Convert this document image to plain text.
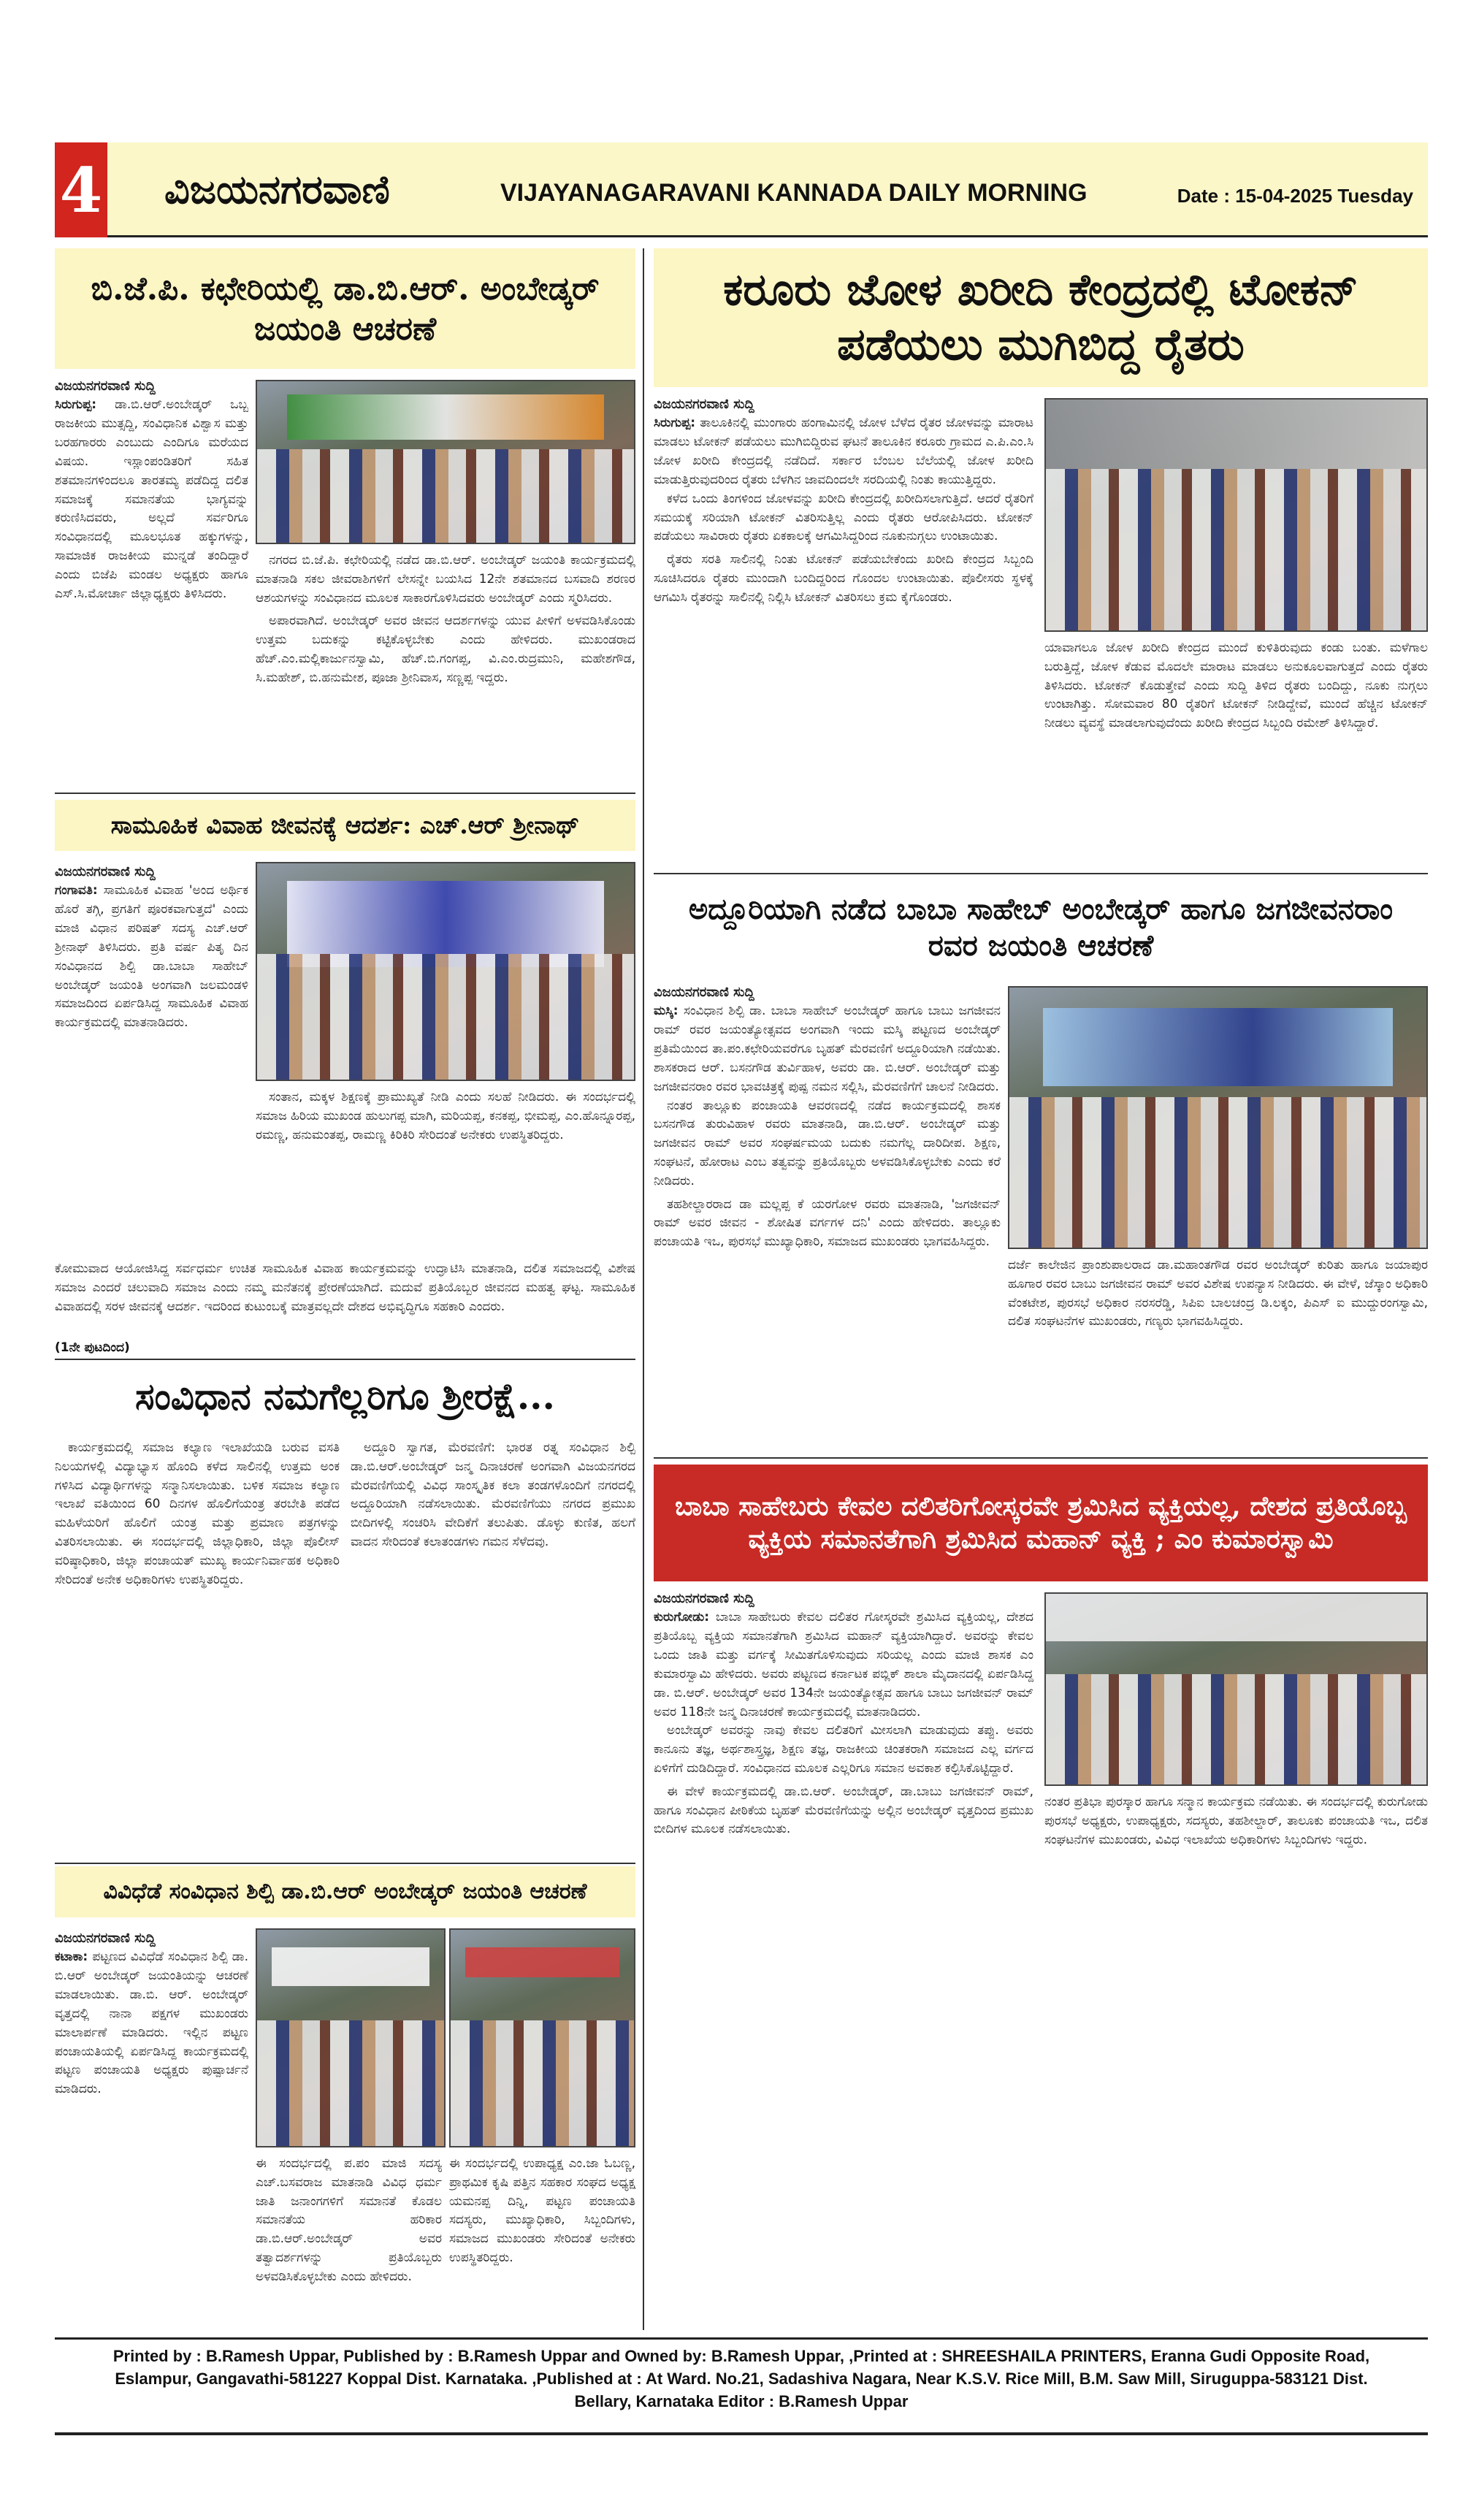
4 ವಿಜಯನಗರವಾಣಿ	VIJAYANAGARAVANI KANNADA DAILY MORNING	Date : 15-04-2025 Tuesday
ಬಿ.ಜೆ.ಪಿ. ಕಛೇರಿಯಲ್ಲಿ ಡಾ.ಬಿ.ಆರ್. ಅಂಬೇಡ್ಕರ್ ಜಯಂತಿ ಆಚರಣೆ
ವಿಜಯನಗರವಾಣಿ ಸುದ್ದಿ
ಸಿರುಗುಪ್ಪ: ಡಾ.ಬಿ.ಆರ್.ಅಂಬೇಡ್ಕರ್ ಒಬ್ಬ ರಾಜಕೀಯ ಮುತ್ಸದ್ದಿ, ಸಂವಿಧಾನಿಕ ವಿಶ್ವಾಸ ಮತ್ತು ಬರಹಗಾರರು ಎಂಬುದು ಎಂದಿಗೂ ಮರೆಯದ ವಿಷಯ. ಇಸ್ಲಾಂಪಂಡಿತರಿಗೆ ಸಹಿತ ಶತಮಾನಗಳಿಂದಲೂ ತಾರತಮ್ಯ ಪಡೆದಿದ್ದ ದಲಿತ ಸಮಾಜಕ್ಕೆ ಸಮಾನತೆಯ ಭಾಗ್ಯವನ್ನು ಕರುಣಿಸಿದವರು, ಅಲ್ಲದೆ ಸರ್ವರಿಗೂ ಸಂವಿಧಾನದಲ್ಲಿ ಮೂಲಭೂತ ಹಕ್ಕುಗಳನ್ನು, ಸಾಮಾಜಿಕ ರಾಜಕೀಯ ಮುನ್ನಡೆ ತಂದಿದ್ದಾರೆ ಎಂದು ಬಿಜೆಪಿ ಮಂಡಲ ಅಧ್ಯಕ್ಷರು ಹಾಗೂ ಎಸ್.ಸಿ.ಮೋರ್ಚಾ ಜಿಲ್ಲಾಧ್ಯಕ್ಷರು ತಿಳಿಸಿದರು.

ನಗರದ ಬಿ.ಜೆ.ಪಿ. ಕಛೇರಿಯಲ್ಲಿ ನಡೆದ ಡಾ.ಬಿ.ಆರ್. ಅಂಬೇಡ್ಕರ್ ಜಯಂತಿ ಕಾರ್ಯಕ್ರಮದಲ್ಲಿ ಮಾತನಾಡಿ ಸಕಲ ಜೀವರಾಶಿಗಳಿಗೆ ಲೇಸನ್ನೇ ಬಯಸಿದ 12ನೇ ಶತಮಾನದ ಬಸವಾದಿ ಶರಣರ ಆಶಯಗಳನ್ನು ಸಂವಿಧಾನದ ಮೂಲಕ ಸಾಕಾರಗೊಳಿಸಿದವರು ಅಂಬೇಡ್ಕರ್ ಎಂದು ಸ್ಮರಿಸಿದರು.

ಅಪಾರವಾಗಿದೆ. ಅಂಬೇಡ್ಕರ್ ಅವರ ಜೀವನ ಆದರ್ಶಗಳನ್ನು ಯುವ ಪೀಳಿಗೆ ಅಳವಡಿಸಿಕೊಂಡು ಉತ್ತಮ ಬದುಕನ್ನು ಕಟ್ಟಿಕೊಳ್ಳಬೇಕು ಎಂದು ಹೇಳಿದರು. ಮುಖಂಡರಾದ ಹೆಚ್.ಎಂ.ಮಲ್ಲಿಕಾರ್ಜುನಸ್ವಾಮಿ, ಹೆಚ್.ಬಿ.ಗಂಗಪ್ಪ, ವಿ.ಎಂ.ರುದ್ರಮುನಿ, ಮಹೇಶಗೌಡ, ಸಿ.ಮಹೇಶ್, ಬಿ.ಹನುಮೇಶ, ಪೂಜಾ ಶ್ರೀನಿವಾಸ, ಸಣ್ಣಪ್ಪ ಇದ್ದರು.

ಸಾಮೂಹಿಕ ವಿವಾಹ ಜೀವನಕ್ಕೆ ಆದರ್ಶ: ಎಚ್.ಆರ್ ಶ್ರೀನಾಥ್
ವಿಜಯನಗರವಾಣಿ ಸುದ್ದಿ
ಗಂಗಾವತಿ: ಸಾಮೂಹಿಕ ವಿವಾಹ 'ಅಂದ ಅರ್ಥಿಕ ಹೊರೆ ತಗ್ಗಿ, ಪ್ರಗತಿಗೆ ಪೂರಕವಾಗುತ್ತದೆ' ಎಂದು ಮಾಜಿ ವಿಧಾನ ಪರಿಷತ್ ಸದಸ್ಯ ಎಚ್.ಆರ್ ಶ್ರೀನಾಥ್ ತಿಳಿಸಿದರು. ಪ್ರತಿ ವರ್ಷ ಪಿತೃ ದಿನ ಸಂವಿಧಾನದ ಶಿಲ್ಪಿ ಡಾ.ಬಾಬಾ ಸಾಹೇಬ್ ಅಂಬೇಡ್ಕರ್ ಜಯಂತಿ ಅಂಗವಾಗಿ ಜಲಮಂಡಳಿ ಸಮಾಜದಿಂದ ಏರ್ಪಡಿಸಿದ್ದ ಸಾಮೂಹಿಕ ವಿವಾಹ ಕಾರ್ಯಕ್ರಮದಲ್ಲಿ ಮಾತನಾಡಿದರು.

ಸಂತಾನ, ಮಕ್ಕಳ ಶಿಕ್ಷಣಕ್ಕೆ ಪ್ರಾಮುಖ್ಯತೆ ನೀಡಿ ಎಂದು ಸಲಹೆ ನೀಡಿದರು. ಈ ಸಂದರ್ಭದಲ್ಲಿ ಸಮಾಜ ಹಿರಿಯ ಮುಖಂಡ ಹುಲುಗಪ್ಪ ಮಾಗಿ, ಮರಿಯಪ್ಪ, ಕನಕಪ್ಪ, ಭೀಮಪ್ಪ, ಎಂ.ಹೊನ್ನೂರಪ್ಪ, ರಮಣ್ಣ, ಹನುಮಂತಪ್ಪ, ರಾಮಣ್ಣ ಕಿರಿಕಿರಿ ಸೇರಿದಂತೆ ಅನೇಕರು ಉಪಸ್ಥಿತರಿದ್ದರು.

ಕೋಮುವಾದ ಆಯೋಜಿಸಿದ್ದ ಸರ್ವಧರ್ಮ ಉಚಿತ ಸಾಮೂಹಿಕ ವಿವಾಹ ಕಾರ್ಯಕ್ರಮವನ್ನು ಉದ್ಘಾಟಿಸಿ ಮಾತನಾಡಿ, ದಲಿತ ಸಮಾಜದಲ್ಲಿ ವಿಶೇಷ ಸಮಾಜ ಎಂದರೆ ಚಲುವಾದಿ ಸಮಾಜ ಎಂದು ನಮ್ಮ ಮನೆತನಕ್ಕೆ ಪ್ರೇರಣೆಯಾಗಿದೆ. ಮದುವೆ ಪ್ರತಿಯೊಬ್ಬರ ಜೀವನದ ಮಹತ್ವ ಘಟ್ಟ. ಸಾಮೂಹಿಕ ವಿವಾಹದಲ್ಲಿ ಸರಳ ಜೀವನಕ್ಕೆ ಆದರ್ಶ. ಇದರಿಂದ ಕುಟುಂಬಕ್ಕೆ ಮಾತ್ರವಲ್ಲದೇ ದೇಶದ ಅಭಿವೃದ್ಧಿಗೂ ಸಹಕಾರಿ ಎಂದರು.
(1ನೇ ಪುಟದಿಂದ)
ಸಂವಿಧಾನ ನಮಗೆಲ್ಲರಿಗೂ ಶ್ರೀರಕ್ಷೆ...

ಕಾರ್ಯಕ್ರಮದಲ್ಲಿ ಸಮಾಜ ಕಲ್ಯಾಣ ಇಲಾಖೆಯಡಿ ಬರುವ ವಸತಿ ನಿಲಯಗಳಲ್ಲಿ ವಿದ್ಯಾಭ್ಯಾಸ ಹೊಂದಿ ಕಳೆದ ಸಾಲಿನಲ್ಲಿ ಉತ್ತಮ ಅಂಕ ಗಳಿಸಿದ ವಿದ್ಯಾರ್ಥಿಗಳನ್ನು ಸನ್ಮಾನಿಸಲಾಯಿತು. ಬಳಿಕ ಸಮಾಜ ಕಲ್ಯಾಣ ಇಲಾಖೆ ವತಿಯಿಂದ 60 ದಿನಗಳ ಹೊಲಿಗೆಯಂತ್ರ ತರಬೇತಿ ಪಡೆದ ಮಹಿಳೆಯರಿಗೆ ಹೊಲಿಗೆ ಯಂತ್ರ ಮತ್ತು ಪ್ರಮಾಣ ಪತ್ರಗಳನ್ನು ವಿತರಿಸಲಾಯಿತು. ಈ ಸಂದರ್ಭದಲ್ಲಿ ಜಿಲ್ಲಾಧಿಕಾರಿ, ಜಿಲ್ಲಾ ಪೊಲೀಸ್ ವರಿಷ್ಠಾಧಿಕಾರಿ, ಜಿಲ್ಲಾ ಪಂಚಾಯತ್ ಮುಖ್ಯ ಕಾರ್ಯನಿರ್ವಾಹಕ ಅಧಿಕಾರಿ ಸೇರಿದಂತೆ ಅನೇಕ ಅಧಿಕಾರಿಗಳು ಉಪಸ್ಥಿತರಿದ್ದರು.

ಅದ್ದೂರಿ ಸ್ವಾಗತ, ಮೆರವಣಿಗೆ: ಭಾರತ ರತ್ನ ಸಂವಿಧಾನ ಶಿಲ್ಪಿ ಡಾ.ಬಿ.ಆರ್.ಅಂಬೇಡ್ಕರ್ ಜನ್ಮ ದಿನಾಚರಣೆ ಅಂಗವಾಗಿ ವಿಜಯನಗರದ ಮೆರವಣಿಗೆಯಲ್ಲಿ ವಿವಿಧ ಸಾಂಸ್ಕೃತಿಕ ಕಲಾ ತಂಡಗಳೊಂದಿಗೆ ನಗರದಲ್ಲಿ ಅದ್ದೂರಿಯಾಗಿ ನಡೆಸಲಾಯಿತು. ಮೆರವಣಿಗೆಯು ನಗರದ ಪ್ರಮುಖ ಬೀದಿಗಳಲ್ಲಿ ಸಂಚರಿಸಿ ವೇದಿಕೆಗೆ ತಲುಪಿತು. ಡೊಳ್ಳು ಕುಣಿತ, ಹಲಗೆ ವಾದನ ಸೇರಿದಂತೆ ಕಲಾತಂಡಗಳು ಗಮನ ಸೆಳೆದವು.

ವಿವಿಧೆಡೆ ಸಂವಿಧಾನ ಶಿಲ್ಪಿ ಡಾ.ಬಿ.ಆರ್ ಅಂಬೇಡ್ಕರ್ ಜಯಂತಿ ಆಚರಣೆ
ವಿಜಯನಗರವಾಣಿ ಸುದ್ದಿ
ಕಟಾಕಾ: ಪಟ್ಟಣದ ವಿವಿಧೆಡೆ ಸಂವಿಧಾನ ಶಿಲ್ಪಿ ಡಾ. ಬಿ.ಆರ್ ಅಂಬೇಡ್ಕರ್ ಜಯಂತಿಯನ್ನು ಆಚರಣೆ ಮಾಡಲಾಯಿತು. ಡಾ.ಬಿ. ಆರ್. ಅಂಬೇಡ್ಕರ್ ವೃತ್ತದಲ್ಲಿ ನಾನಾ ಪಕ್ಷಗಳ ಮುಖಂಡರು ಮಾಲಾರ್ಪಣೆ ಮಾಡಿದರು. ಇಲ್ಲಿನ ಪಟ್ಟಣ ಪಂಚಾಯತಿಯಲ್ಲಿ ಏರ್ಪಡಿಸಿದ್ದ ಕಾರ್ಯಕ್ರಮದಲ್ಲಿ ಪಟ್ಟಣ ಪಂಚಾಯತಿ ಅಧ್ಯಕ್ಷರು ಪುಷ್ಪಾರ್ಚನೆ ಮಾಡಿದರು.
ಈ ಸಂದರ್ಭದಲ್ಲಿ ಪ.ಪಂ ಮಾಜಿ ಸದಸ್ಯ ಎಚ್.ಬಸವರಾಜ ಮಾತನಾಡಿ ವಿವಿಧ ಧರ್ಮ ಜಾತಿ ಜನಾಂಗಗಳಿಗೆ ಸಮಾನತೆ ಕೊಡಲ ಸಮಾನತೆಯ ಹರಿಕಾರ ಡಾ.ಬಿ.ಆರ್.ಅಂಬೇಡ್ಕರ್ ಅವರ ತತ್ವಾದರ್ಶಗಳನ್ನು ಪ್ರತಿಯೊಬ್ಬರು ಅಳವಡಿಸಿಕೊಳ್ಳಬೇಕು ಎಂದು ಹೇಳಿದರು.
ಈ ಸಂದರ್ಭದಲ್ಲಿ ಉಪಾಧ್ಯಕ್ಷ ಎಂ.ಜಾ ಓಬಣ್ಣ, ಪ್ರಾಥಮಿಕ ಕೃಷಿ ಪತ್ತಿನ ಸಹಕಾರ ಸಂಘದ ಅಧ್ಯಕ್ಷ ಯಮನಪ್ಪ ದಿನ್ನಿ, ಪಟ್ಟಣ ಪಂಚಾಯತಿ ಸದಸ್ಯರು, ಮುಖ್ಯಾಧಿಕಾರಿ, ಸಿಬ್ಬಂದಿಗಳು, ಸಮಾಜದ ಮುಖಂಡರು ಸೇರಿದಂತೆ ಅನೇಕರು ಉಪಸ್ಥಿತರಿದ್ದರು.
ಕರೂರು ಜೋಳ ಖರೀದಿ ಕೇಂದ್ರದಲ್ಲಿ ಟೋಕನ್ ಪಡೆಯಲು ಮುಗಿಬಿದ್ದ ರೈತರು
ವಿಜಯನಗರವಾಣಿ ಸುದ್ದಿ
ಸಿರುಗುಪ್ಪ: ತಾಲೂಕಿನಲ್ಲಿ ಮುಂಗಾರು ಹಂಗಾಮಿನಲ್ಲಿ ಜೋಳ ಬೆಳೆದ ರೈತರ ಜೋಳವನ್ನು ಮಾರಾಟ ಮಾಡಲು ಟೋಕನ್ ಪಡೆಯಲು ಮುಗಿಬಿದ್ದಿರುವ ಘಟನೆ ತಾಲೂಕಿನ ಕರೂರು ಗ್ರಾಮದ ಎ.ಪಿ.ಎಂ.ಸಿ ಜೋಳ ಖರೀದಿ ಕೇಂದ್ರದಲ್ಲಿ ನಡೆದಿದೆ. ಸರ್ಕಾರ ಬೆಂಬಲ ಬೆಲೆಯಲ್ಲಿ ಜೋಳ ಖರೀದಿ ಮಾಡುತ್ತಿರುವುದರಿಂದ ರೈತರು ಬೆಳಗಿನ ಜಾವದಿಂದಲೇ ಸರದಿಯಲ್ಲಿ ನಿಂತು ಕಾಯುತ್ತಿದ್ದರು.

ಕಳೆದ ಒಂದು ತಿಂಗಳಿಂದ ಜೋಳವನ್ನು ಖರೀದಿ ಕೇಂದ್ರದಲ್ಲಿ ಖರೀದಿಸಲಾಗುತ್ತಿದೆ. ಆದರೆ ರೈತರಿಗೆ ಸಮಯಕ್ಕೆ ಸರಿಯಾಗಿ ಟೋಕನ್ ವಿತರಿಸುತ್ತಿಲ್ಲ ಎಂದು ರೈತರು ಆರೋಪಿಸಿದರು. ಟೋಕನ್ ಪಡೆಯಲು ಸಾವಿರಾರು ರೈತರು ಏಕಕಾಲಕ್ಕೆ ಆಗಮಿಸಿದ್ದರಿಂದ ನೂಕುನುಗ್ಗಲು ಉಂಟಾಯಿತು.

ರೈತರು ಸರತಿ ಸಾಲಿನಲ್ಲಿ ನಿಂತು ಟೋಕನ್ ಪಡೆಯಬೇಕೆಂದು ಖರೀದಿ ಕೇಂದ್ರದ ಸಿಬ್ಬಂದಿ ಸೂಚಿಸಿದರೂ ರೈತರು ಮುಂದಾಗಿ ಬಂದಿದ್ದರಿಂದ ಗೊಂದಲ ಉಂಟಾಯಿತು. ಪೊಲೀಸರು ಸ್ಥಳಕ್ಕೆ ಆಗಮಿಸಿ ರೈತರನ್ನು ಸಾಲಿನಲ್ಲಿ ನಿಲ್ಲಿಸಿ ಟೋಕನ್ ವಿತರಿಸಲು ಕ್ರಮ ಕೈಗೊಂಡರು.

ಯಾವಾಗಲೂ ಜೋಳ ಖರೀದಿ ಕೇಂದ್ರದ ಮುಂದೆ ಕುಳಿತಿರುವುದು ಕಂಡು ಬಂತು. ಮಳೆಗಾಲ ಬರುತ್ತಿದ್ದೆ, ಜೋಳ ಕೆಡುವ ಮೊದಲೇ ಮಾರಾಟ ಮಾಡಲು ಅನುಕೂಲವಾಗುತ್ತದೆ ಎಂದು ರೈತರು ತಿಳಿಸಿದರು. ಟೋಕನ್ ಕೊಡುತ್ತೇವೆ ಎಂದು ಸುದ್ದಿ ತಿಳಿದ ರೈತರು ಬಂದಿದ್ದು, ನೂಕು ನುಗ್ಗಲು ಉಂಟಾಗಿತ್ತು. ಸೋಮವಾರ 80 ರೈತರಿಗೆ ಟೋಕನ್ ನೀಡಿದ್ದೇವೆ, ಮುಂದೆ ಹೆಚ್ಚಿನ ಟೋಕನ್ ನೀಡಲು ವ್ಯವಸ್ಥೆ ಮಾಡಲಾಗುವುದೆಂದು ಖರೀದಿ ಕೇಂದ್ರದ ಸಿಬ್ಬಂದಿ ರಮೇಶ್ ತಿಳಿಸಿದ್ದಾರೆ.
ಅದ್ದೂರಿಯಾಗಿ ನಡೆದ ಬಾಬಾ ಸಾಹೇಬ್ ಅಂಬೇಡ್ಕರ್ ಹಾಗೂ ಜಗಜೀವನರಾಂ ರವರ ಜಯಂತಿ ಆಚರಣೆ
ವಿಜಯನಗರವಾಣಿ ಸುದ್ದಿ
ಮಸ್ಕಿ: ಸಂವಿಧಾನ ಶಿಲ್ಪಿ ಡಾ. ಬಾಬಾ ಸಾಹೇಬ್ ಅಂಬೇಡ್ಕರ್ ಹಾಗೂ ಬಾಬು ಜಗಜೀವನ ರಾಮ್ ರವರ ಜಯಂತ್ಯೋತ್ಸವದ ಅಂಗವಾಗಿ ಇಂದು ಮಸ್ಕಿ ಪಟ್ಟಣದ ಅಂಬೇಡ್ಕರ್ ಪ್ರತಿಮೆಯಿಂದ ತಾ.ಪಂ.ಕಛೇರಿಯವರೆಗೂ ಬೃಹತ್ ಮೆರವಣಿಗೆ ಅದ್ದೂರಿಯಾಗಿ ನಡೆಯಿತು. ಶಾಸಕರಾದ ಆರ್. ಬಸನಗೌಡ ತುರ್ವಿಹಾಳ, ಅವರು ಡಾ. ಬಿ.ಆರ್. ಅಂಬೇಡ್ಕರ್ ಮತ್ತು ಜಗಜೀವನರಾಂ ರವರ ಭಾವಚಿತ್ರಕ್ಕೆ ಪುಷ್ಪ ನಮನ ಸಲ್ಲಿಸಿ, ಮೆರವಣಿಗೆಗೆ ಚಾಲನೆ ನೀಡಿದರು.

ನಂತರ ತಾಲ್ಲೂಕು ಪಂಚಾಯತಿ ಆವರಣದಲ್ಲಿ ನಡೆದ ಕಾರ್ಯಕ್ರಮದಲ್ಲಿ ಶಾಸಕ ಬಸನಗೌಡ ತುರುವಿಹಾಳ ರವರು ಮಾತನಾಡಿ, ಡಾ.ಬಿ.ಆರ್. ಅಂಬೇಡ್ಕರ್ ಮತ್ತು ಜಗಜೀವನ ರಾಮ್ ಅವರ ಸಂಘರ್ಷಮಯ ಬದುಕು ನಮಗೆಲ್ಲ ದಾರಿದೀಪ. ಶಿಕ್ಷಣ, ಸಂಘಟನೆ, ಹೋರಾಟ ಎಂಬ ತತ್ವವನ್ನು ಪ್ರತಿಯೊಬ್ಬರು ಅಳವಡಿಸಿಕೊಳ್ಳಬೇಕು ಎಂದು ಕರೆ ನೀಡಿದರು.

ತಹಶೀಲ್ದಾರರಾದ ಡಾ ಮಲ್ಲಪ್ಪ ಕೆ ಯರಗೋಳ ರವರು ಮಾತನಾಡಿ, 'ಜಗಜೀವನ್ ರಾಮ್ ಅವರ ಜೀವನ - ಶೋಷಿತ ವರ್ಗಗಳ ದನಿ' ಎಂದು ಹೇಳಿದರು. ತಾಲ್ಲೂಕು ಪಂಚಾಯತಿ ಇಒ, ಪುರಸಭೆ ಮುಖ್ಯಾಧಿಕಾರಿ, ಸಮಾಜದ ಮುಖಂಡರು ಭಾಗವಹಿಸಿದ್ದರು.

ದರ್ಜೆ ಕಾಲೇಜಿನ ಪ್ರಾಂಶುಪಾಲರಾದ ಡಾ.ಮಹಾಂತಗೌಡ ರವರ ಅಂಬೇಡ್ಕರ್ ಕುರಿತು ಹಾಗೂ ಜಯಾಪುರ ಹೂಗಾರ ರವರ ಬಾಬು ಜಗಜೀವನ ರಾಮ್ ಅವರ ವಿಶೇಷ ಉಪನ್ಯಾಸ ನೀಡಿದರು. ಈ ವೇಳೆ, ಜೆಸ್ಕಾಂ ಅಧಿಕಾರಿ ವೆಂಕಟೇಶ, ಪುರಸಭೆ ಅಧಿಕಾರ ನರಸರೆಡ್ಡಿ, ಸಿಪಿಐ ಬಾಲಚಂದ್ರ ಡಿ.ಲಕ್ಕಂ, ಪಿಎಸ್ ಐ ಮುದ್ದುರಂಗಸ್ವಾಮಿ, ದಲಿತ ಸಂಘಟನೆಗಳ ಮುಖಂಡರು, ಗಣ್ಯರು ಭಾಗವಹಿಸಿದ್ದರು.
ಬಾಬಾ ಸಾಹೇಬರು ಕೇವಲ ದಲಿತರಿಗೋಸ್ಕರವೇ ಶ್ರಮಿಸಿದ ವ್ಯಕ್ತಿಯಲ್ಲ, ದೇಶದ ಪ್ರತಿಯೊಬ್ಬ ವ್ಯಕ್ತಿಯ ಸಮಾನತೆಗಾಗಿ ಶ್ರಮಿಸಿದ ಮಹಾನ್ ವ್ಯಕ್ತಿ ; ಎಂ ಕುಮಾರಸ್ವಾಮಿ
ವಿಜಯನಗರವಾಣಿ ಸುದ್ದಿ
ಕುರುಗೋಡು: ಬಾಬಾ ಸಾಹೇಬರು ಕೇವಲ ದಲಿತರ ಗೋಸ್ಕರವೇ ಶ್ರಮಿಸಿದ ವ್ಯಕ್ತಿಯಲ್ಲ, ದೇಶದ ಪ್ರತಿಯೊಬ್ಬ ವ್ಯಕ್ತಿಯ ಸಮಾನತೆಗಾಗಿ ಶ್ರಮಿಸಿದ ಮಹಾನ್ ವ್ಯಕ್ತಿಯಾಗಿದ್ದಾರೆ. ಅವರನ್ನು ಕೇವಲ ಒಂದು ಜಾತಿ ಮತ್ತು ವರ್ಗಕ್ಕೆ ಸೀಮಿತಗೊಳಿಸುವುದು ಸರಿಯಲ್ಲ ಎಂದು ಮಾಜಿ ಶಾಸಕ ಎಂ ಕುಮಾರಸ್ವಾಮಿ ಹೇಳಿದರು. ಅವರು ಪಟ್ಟಣದ ಕರ್ನಾಟಕ ಪಬ್ಲಿಕ್ ಶಾಲಾ ಮೈದಾನದಲ್ಲಿ ಏರ್ಪಡಿಸಿದ್ದ ಡಾ. ಬಿ.ಆರ್. ಅಂಬೇಡ್ಕರ್ ಅವರ 134ನೇ ಜಯಂತ್ಯೋತ್ಸವ ಹಾಗೂ ಬಾಬು ಜಗಜೀವನ್ ರಾಮ್ ಅವರ 118ನೇ ಜನ್ಮ ದಿನಾಚರಣೆ ಕಾರ್ಯಕ್ರಮದಲ್ಲಿ ಮಾತನಾಡಿದರು.

ಅಂಬೇಡ್ಕರ್ ಅವರನ್ನು ನಾವು ಕೇವಲ ದಲಿತರಿಗೆ ಮೀಸಲಾಗಿ ಮಾಡುವುದು ತಪ್ಪು. ಅವರು ಕಾನೂನು ತಜ್ಞ, ಅರ್ಥಶಾಸ್ತ್ರಜ್ಞ, ಶಿಕ್ಷಣ ತಜ್ಞ, ರಾಜಕೀಯ ಚಿಂತಕರಾಗಿ ಸಮಾಜದ ಎಲ್ಲ ವರ್ಗದ ಏಳಿಗೆಗೆ ದುಡಿದಿದ್ದಾರೆ. ಸಂವಿಧಾನದ ಮೂಲಕ ಎಲ್ಲರಿಗೂ ಸಮಾನ ಅವಕಾಶ ಕಲ್ಪಿಸಿಕೊಟ್ಟಿದ್ದಾರೆ.

ಈ ವೇಳೆ ಕಾರ್ಯಕ್ರಮದಲ್ಲಿ ಡಾ.ಬಿ.ಆರ್. ಅಂಬೇಡ್ಕರ್, ಡಾ.ಬಾಬು ಜಗಜೀವನ್ ರಾಮ್, ಹಾಗೂ ಸಂವಿಧಾನ ಪೀಠಿಕೆಯ ಬೃಹತ್ ಮೆರವಣಿಗೆಯನ್ನು ಅಲ್ಲಿನ ಅಂಬೇಡ್ಕರ್ ವೃತ್ತದಿಂದ ಪ್ರಮುಖ ಬೀದಿಗಳ ಮೂಲಕ ನಡೆಸಲಾಯಿತು.

ನಂತರ ಪ್ರತಿಭಾ ಪುರಸ್ಕಾರ ಹಾಗೂ ಸನ್ಮಾನ ಕಾರ್ಯಕ್ರಮ ನಡೆಯಿತು. ಈ ಸಂದರ್ಭದಲ್ಲಿ ಕುರುಗೋಡು ಪುರಸಭೆ ಅಧ್ಯಕ್ಷರು, ಉಪಾಧ್ಯಕ್ಷರು, ಸದಸ್ಯರು, ತಹಶೀಲ್ದಾರ್, ತಾಲೂಕು ಪಂಚಾಯತಿ ಇಒ, ದಲಿತ ಸಂಘಟನೆಗಳ ಮುಖಂಡರು, ವಿವಿಧ ಇಲಾಖೆಯ ಅಧಿಕಾರಿಗಳು ಸಿಬ್ಬಂದಿಗಳು ಇದ್ದರು.
Printed by : B.Ramesh Uppar, Published by : B.Ramesh Uppar and Owned by: B.Ramesh Uppar, ,Printed at : SHREESHAILA PRINTERS, Eranna Gudi Opposite Road,
Eslampur, Gangavathi-581227 Koppal Dist. Karnataka. ,Published at : At Ward. No.21, Sadashiva Nagara, Near K.S.V. Rice Mill, B.M. Saw Mill, Siruguppa-583121 Dist.
Bellary, Karnataka Editor : B.Ramesh Uppar
